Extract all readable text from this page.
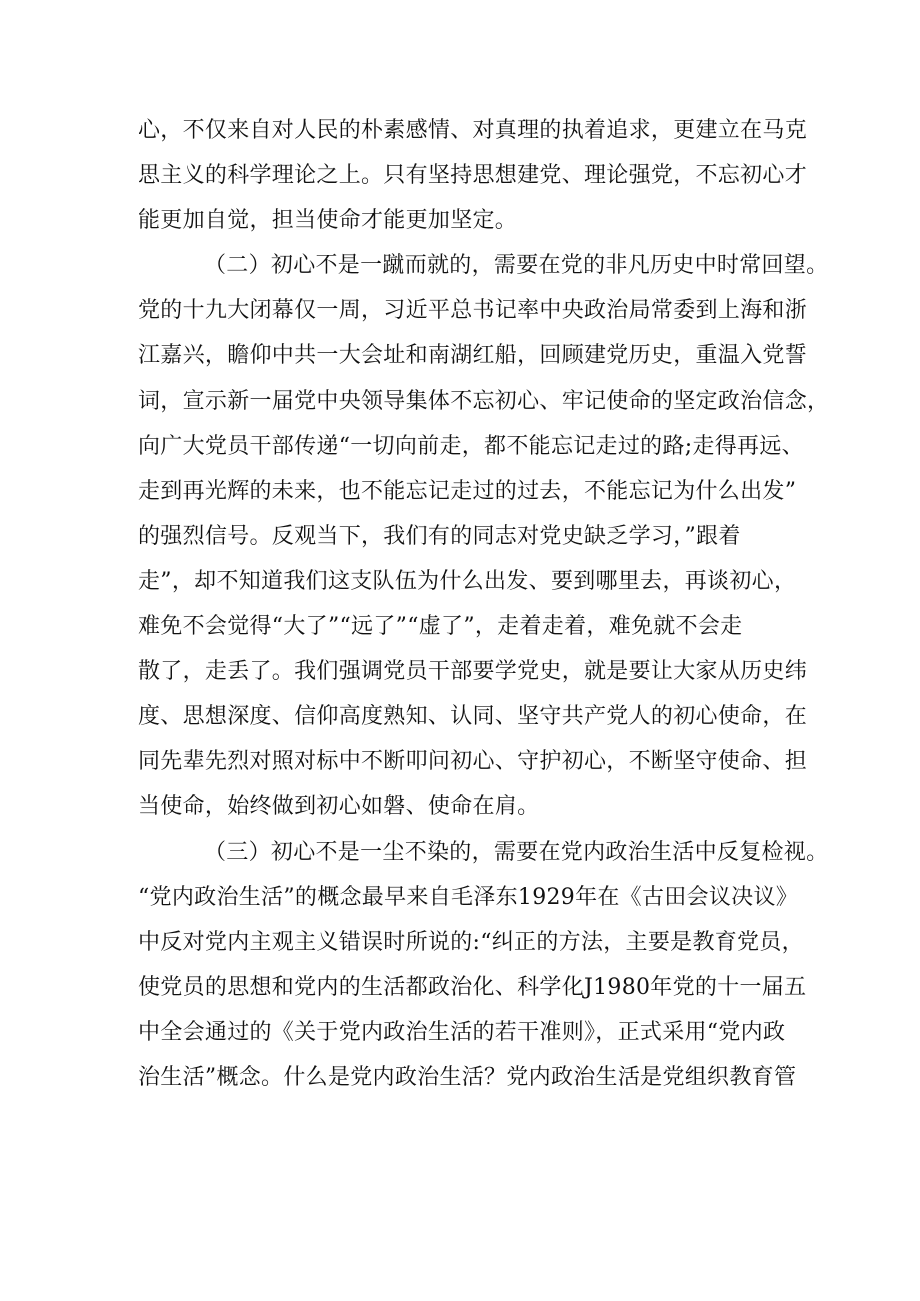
心，不仅来自对人民的朴素感情、对真理的执着追求，更建立在马克
思主义的科学理论之上。只有坚持思想建党、理论强党，不忘初心才
能更加自觉，担当使命才能更加坚定。
（二）初心不是一蹴而就的，需要在党的非凡历史中时常回望。
党的十九大闭幕仅一周，习近平总书记率中央政治局常委到上海和浙
江嘉兴，瞻仰中共一大会址和南湖红船，回顾建党历史，重温入党誓
词，宣示新一届党中央领导集体不忘初心、牢记使命的坚定政治信念，
向广大党员干部传递“一切向前走，都不能忘记走过的路;走得再远、
走到再光辉的未来，也不能忘记走过的过去，不能忘记为什么出发”
的强烈信号。反观当下，我们有的同志对党史缺乏学习，”跟着
走”，却不知道我们这支队伍为什么出发、要到哪里去，再谈初心，
难免不会觉得“大了”“远了”“虚了”，走着走着，难免就不会走
散了，走丢了。我们强调党员干部要学党史，就是要让大家从历史纬
度、思想深度、信仰高度熟知、认同、坚守共产党人的初心使命，在
同先辈先烈对照对标中不断叩问初心、守护初心，不断坚守使命、担
当使命，始终做到初心如磐、使命在肩。
（三）初心不是一尘不染的，需要在党内政治生活中反复检视。
“党内政治生活”的概念最早来自毛泽东1929年在《古田会议决议》
中反对党内主观主义错误时所说的:“纠正的方法，主要是教育党员，
使党员的思想和党内的生活都政治化、科学化J1980年党的十一届五
中全会通过的《关于党内政治生活的若干准则》，正式采用“党内政
治生活”概念。什么是党内政治生活？党内政治生活是党组织教育管
